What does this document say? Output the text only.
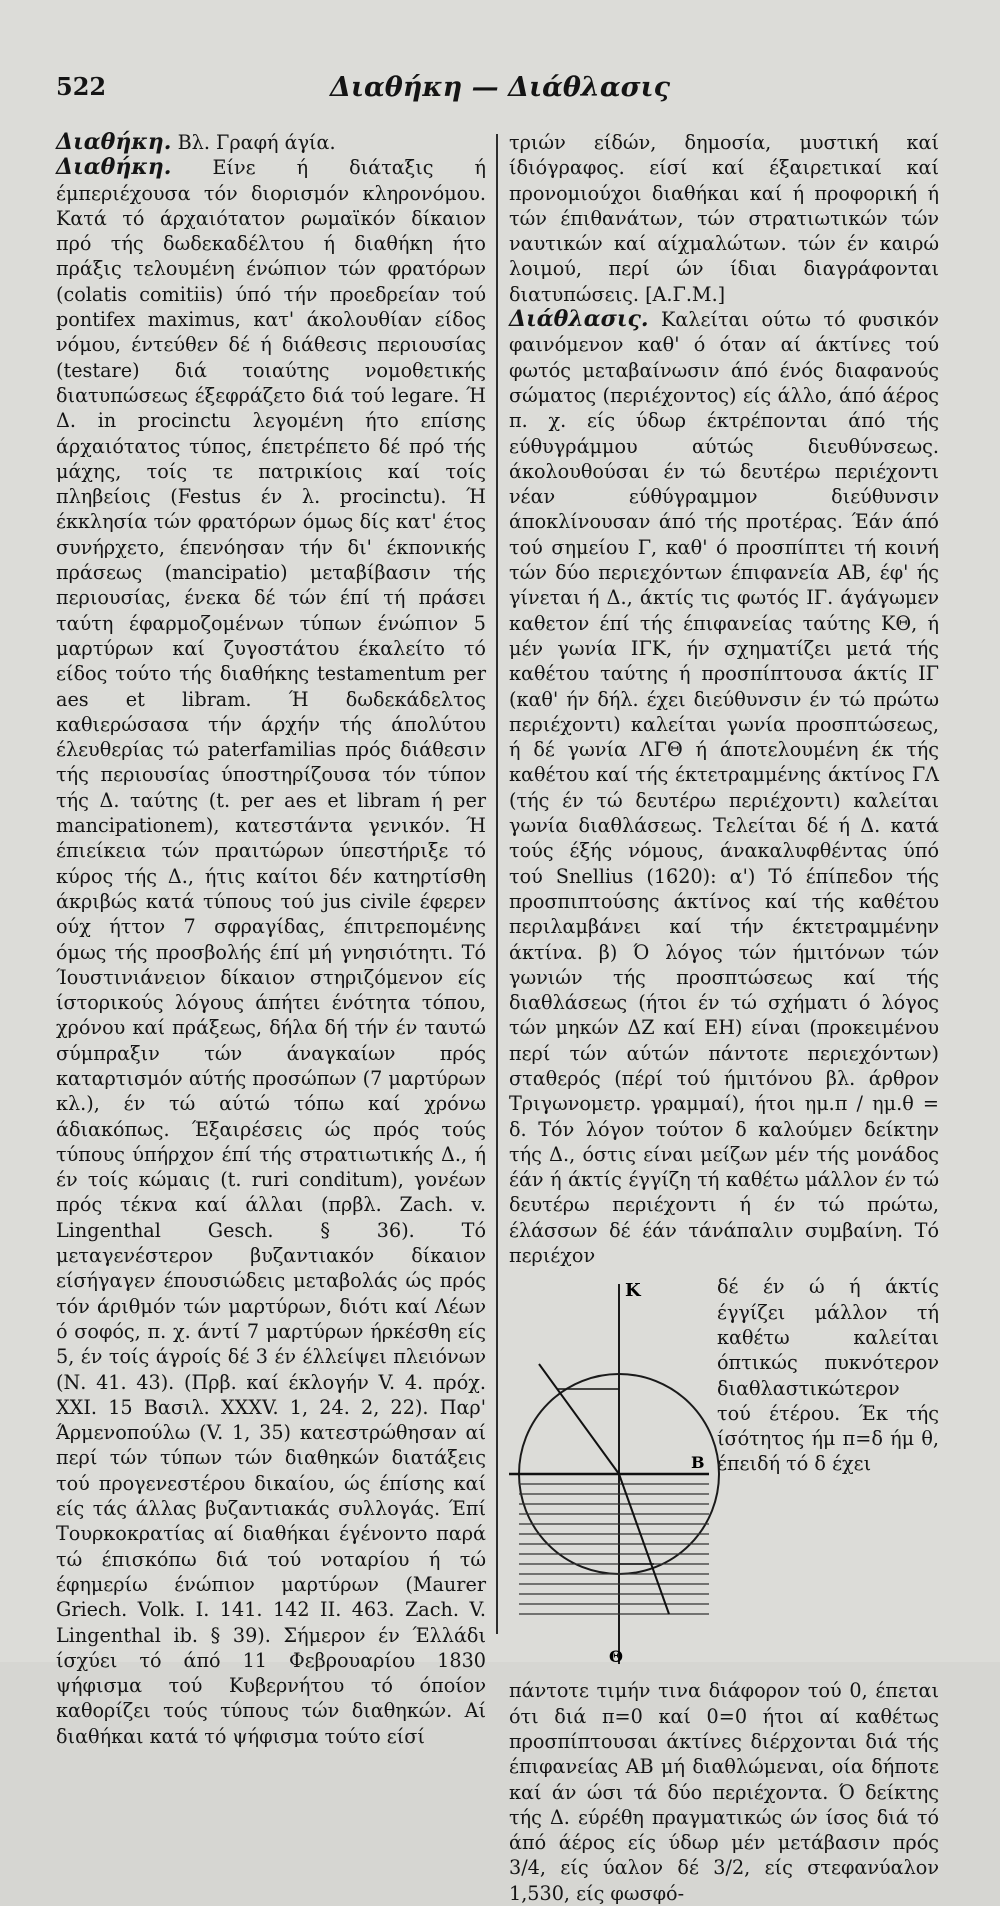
522	Διαθήκη — Διάθλασις

Διαθήκη. Βλ. Γραφή άγία.

Διαθήκη. Είνε ή διάταξις ή έμπεριέχουσα τόν διορισμόν κληρονόμου. Κατά τό άρχαιότατον ρωμαϊκόν δίκαιον πρό τής δωδεκαδέλτου ή διαθήκη ήτο πράξις τελουμένη ένώπιον τών φρατόρων (colatis comitiis) ύπό τήν προεδρείαν τού pontifex maximus, κατ' άκολουθίαν είδος νόμου, έντεύθεν δέ ή διάθεσις περιουσίας (testare) διά τοιαύτης νομοθετικής διατυπώσεως έξεφράζετο διά τού legare. Ή Δ. in procinctu λεγομένη ήτο επίσης άρχαιότατος τύπος, έπετρέπετο δέ πρό τής μάχης, τοίς τε πατρικίοις καί τοίς πληβείοις (Festus έν λ. procinctu). Ή έκκλησία τών φρατόρων όμως δίς κατ' έτος συνήρχετο, έπενόησαν τήν δι' έκπονικής πράσεως (mancipatio) μεταβίβασιν τής περιουσίας, ένεκα δέ τών έπί τή πράσει ταύτη έφαρμοζομένων τύπων ένώπιον 5 μαρτύρων καί ζυγοστάτου έκαλείτο τό είδος τούτο τής διαθήκης testamentum per aes et libram. Ή δωδεκάδελτος καθιερώσασα τήν άρχήν τής άπολύτου έλευθερίας τώ paterfamilias πρός διάθεσιν τής περιουσίας ύποστηρίζουσα τόν τύπον τής Δ. ταύτης (t. per aes et libram ή per mancipationem), κατεστάντα γενικόν. Ή έπιείκεια τών πραιτώρων ύπεστήριξε τό κύρος τής Δ., ήτις καίτοι δέν κατηρτίσθη άκριβώς κατά τύπους τού jus civile έφερεν ούχ ήττον 7 σφραγίδας, έπιτρεπομένης όμως τής προσβολής έπί μή γνησιότητι. Τό Ίουστινιάνειον δίκαιον στηριζόμενον είς ίστορικούς λόγους άπήτει ένότητα τόπου, χρόνου καί πράξεως, δήλα δή τήν έν ταυτώ σύμπραξιν τών άναγκαίων πρός καταρτισμόν αύτής προσώπων (7 μαρτύρων κλ.), έν τώ αύτώ τόπω καί χρόνω άδιακόπως. Έξαιρέσεις ώς πρός τούς τύπους ύπήρχον έπί τής στρατιωτικής Δ., ή έν τοίς κώμαις (t. ruri conditum), γονέων πρός τέκνα καί άλλαι (πρβλ. Zach. v. Lingenthal Gesch. § 36). Τό μεταγενέστερον βυζαντιακόν δίκαιον είσήγαγεν έπουσιώδεις μεταβολάς ώς πρός τόν άριθμόν τών μαρτύρων, διότι καί Λέων ό σοφός, π. χ. άντί 7 μαρτύρων ήρκέσθη είς 5, έν τοίς άγροίς δέ 3 έν έλλείψει πλειόνων (Ν. 41. 43). (Πρβ. καί έκλογήν V. 4. πρόχ. XXI. 15 Βασιλ. XXXV. 1, 24. 2, 22). Παρ' Άρμενοπούλω (V. 1, 35) κατεστρώθησαν αί περί τών τύπων τών διαθηκών διατάξεις τού προγενεστέρου δικαίου, ώς έπίσης καί είς τάς άλλας βυζαντιακάς συλλογάς. Έπί Τουρκοκρατίας αί διαθήκαι έγένοντο παρά τώ έπισκόπω διά τού νοταρίου ή τώ έφημερίω ένώπιον μαρτύρων (Maurer Griech. Volk. I. 141. 142 II. 463. Zach. V. Lingenthal ib. § 39). Σήμερον έν Έλλάδι ίσχύει τό άπό 11 Φεβρουαρίου 1830 ψήφισμα τού Κυβερνήτου τό όποίον καθορίζει τούς τύπους τών διαθηκών. Αί διαθήκαι κατά τό ψήφισμα τούτο είσί

τριών είδών, δημοσία, μυστική καί ίδιόγραφος. είσί καί έξαιρετικαί καί προνομιούχοι διαθήκαι καί ή προφορική ή τών έπιθανάτων, τών στρατιωτικών τών ναυτικών καί αίχμαλώτων. τών έν καιρώ λοιμού, περί ών ίδιαι διαγράφονται διατυπώσεις. [Α.Γ.Μ.]

Διάθλασις. Καλείται ούτω τό φυσικόν φαινόμενον καθ' ό όταν αί άκτίνες τού φωτός μεταβαίνωσιν άπό ένός διαφανούς σώματος (περιέχοντος) είς άλλο, άπό άέρος π. χ. είς ύδωρ έκτρέπονται άπό τής εύθυγράμμου αύτώς διευθύνσεως. άκολουθούσαι έν τώ δευτέρω περιέχοντι νέαν εύθύγραμμον διεύθυνσιν άποκλίνουσαν άπό τής προτέρας. Έάν άπό τού σημείου Γ, καθ' ό προσπίπτει τή κοινή τών δύο περιεχόντων έπιφανεία ΑΒ, έφ' ής γίνεται ή Δ., άκτίς τις φωτός ΙΓ. άγάγωμεν καθετον έπί τής έπιφανείας ταύτης ΚΘ, ή μέν γωνία ΙΓΚ, ήν σχηματίζει μετά τής καθέτου ταύτης ή προσπίπτουσα άκτίς ΙΓ (καθ' ήν δήλ. έχει διεύθυνσιν έν τώ πρώτω περιέχοντι) καλείται γωνία προσπτώσεως, ή δέ γωνία ΛΓΘ ή άποτελουμένη έκ τής καθέτου καί τής έκτετραμμένης άκτίνος ΓΛ (τής έν τώ δευτέρω περιέχοντι) καλείται γωνία διαθλάσεως. Τελείται δέ ή Δ. κατά τούς έξής νόμους, άνακαλυφθέντας ύπό τού Snellius (1620): α') Τό έπίπεδον τής προσπιπτούσης άκτίνος καί τής καθέτου περιλαμβάνει καί τήν έκτετραμμένην άκτίνα. β) Ό λόγος τών ήμιτόνων τών γωνιών τής προσπτώσεως καί τής διαθλάσεως (ήτοι έν τώ σχήματι ό λόγος τών μηκών ΔΖ καί ΕΗ) είναι (προκειμένου περί τών αύτών πάντοτε περιεχόντων) σταθερός (πέρί τού ήμιτόνου βλ. άρθρον Τριγωνομετρ. γραμμαί), ήτοι ημ.π / ημ.θ = δ. Τόν λόγον τούτον δ καλούμεν δείκτην τής Δ., όστις είναι μείζων μέν τής μονάδος έάν ή άκτίς έγγίζη τή καθέτω μάλλον έν τώ δευτέρω περιέχοντι ή έν τώ πρώτω, έλάσσων δέ έάν τάνάπαλιν συμβαίνη. Τό περιέχον

K
B
Θ
δέ έν ώ ή άκτίς έγγίζει μάλλον τή καθέτω καλείται όπτικώς πυκνότερον διαθλαστικώτερον τού έτέρου. Έκ τής ίσότητος ήμ π=δ ήμ θ, έπειδή τό δ έχει

πάντοτε τιμήν τινα διάφορον τού 0, έπεται ότι διά π=0 καί 0=0 ήτοι αί καθέτως προσπίπτουσαι άκτίνες διέρχονται διά τής έπιφανείας ΑΒ μή διαθλώμεναι, οία δήποτε καί άν ώσι τά δύο περιέχοντα. Ό δείκτης τής Δ. εύρέθη πραγματικώς ών ίσος διά τό άπό άέρος είς ύδωρ μέν μετάβασιν πρός 3/4, είς ύαλον δέ 3/2, είς στεφανύαλον 1,530, είς φωσφό-
